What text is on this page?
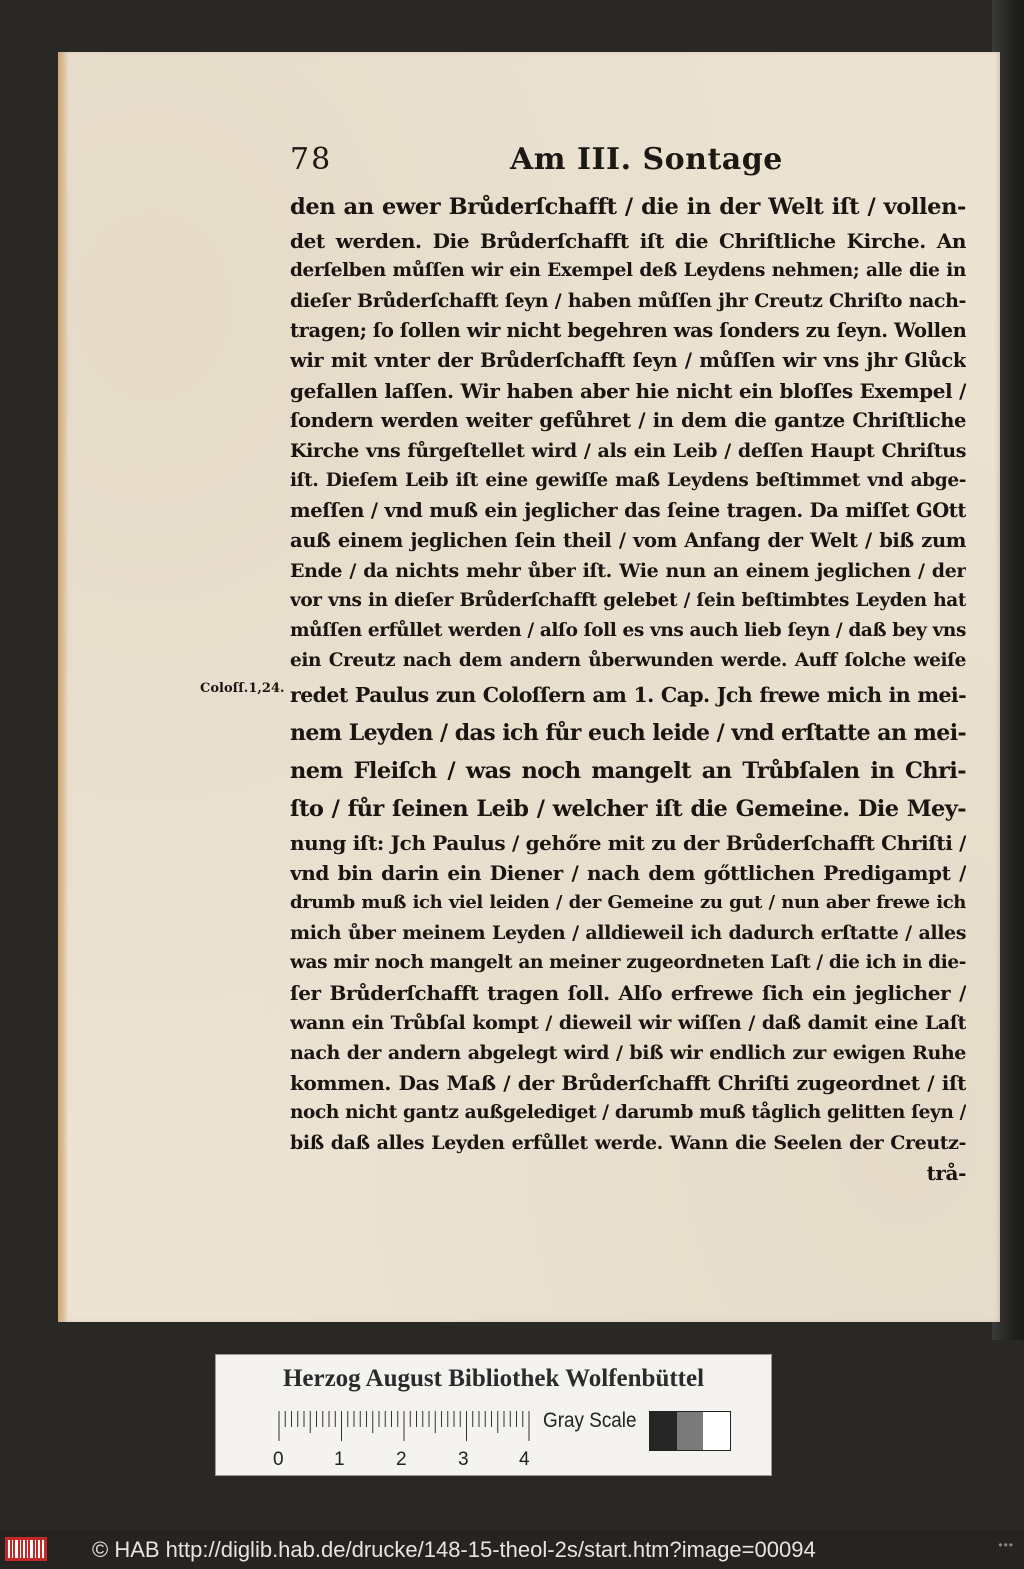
78	Am III. Sontage
Coloſſ.1,24.
den an ewer Brůderſchafft / die in der Welt iſt / vollen-
det werden. Die Brůderſchafft iſt die Chriſtliche Kirche. An
derſelben můſſen wir ein Exempel deß Leydens nehmen; alle die in
dieſer Brůderſchafft ſeyn / haben můſſen jhr Creutz Chriſto nach-
tragen; ſo ſollen wir nicht begehren was ſonders zu ſeyn. Wollen
wir mit vnter der Brůderſchafft ſeyn / můſſen wir vns jhr Glůck
gefallen laſſen. Wir haben aber hie nicht ein bloſſes Exempel /
ſondern werden weiter gefůhret / in dem die gantze Chriſtliche
Kirche vns fůrgeſtellet wird / als ein Leib / deſſen Haupt Chriſtus
iſt. Dieſem Leib iſt eine gewiſſe maß Leydens beſtimmet vnd abge-
meſſen / vnd muß ein jeglicher das ſeine tragen. Da miſſet GOtt
auß einem jeglichen ſein theil / vom Anfang der Welt / biß zum
Ende / da nichts mehr ůber iſt. Wie nun an einem jeglichen / der
vor vns in dieſer Brůderſchafft gelebet / ſein beſtimbtes Leyden hat
můſſen erfůllet werden / alſo ſoll es vns auch lieb ſeyn / daß bey vns
ein Creutz nach dem andern ůberwunden werde. Auff ſolche weiſe
redet Paulus zun Coloſſern am 1. Cap. Jch frewe mich in mei-
nem Leyden / das ich fůr euch leide / vnd erſtatte an mei-
nem Fleiſch / was noch mangelt an Trůbſalen in Chri-
ſto / fůr ſeinen Leib / welcher iſt die Gemeine. Die Mey-
nung iſt: Jch Paulus / gehőre mit zu der Brůderſchafft Chriſti /
vnd bin darin ein Diener / nach dem gőttlichen Predigampt /
drumb muß ich viel leiden / der Gemeine zu gut / nun aber frewe ich
mich ůber meinem Leyden / alldieweil ich dadurch erſtatte / alles
was mir noch mangelt an meiner zugeordneten Laſt / die ich in die-
ſer Brůderſchafft tragen ſoll. Alſo erfrewe ſich ein jeglicher /
wann ein Trůbſal kompt / dieweil wir wiſſen / daß damit eine Laſt
nach der andern abgelegt wird / biß wir endlich zur ewigen Ruhe
kommen. Das Maß / der Brůderſchafft Chriſti zugeordnet / iſt
noch nicht gantz außgelediget / darumb muß tåglich gelitten ſeyn /
biß daß alles Leyden erfůllet werde. Wann die Seelen der Creutz-
trå-
Herzog August Bibliothek Wolfenbüttel
0	1	2	3	4
Gray Scale
© HAB http://diglib.hab.de/drucke/148-15-theol-2s/start.htm?image=00094	•••
